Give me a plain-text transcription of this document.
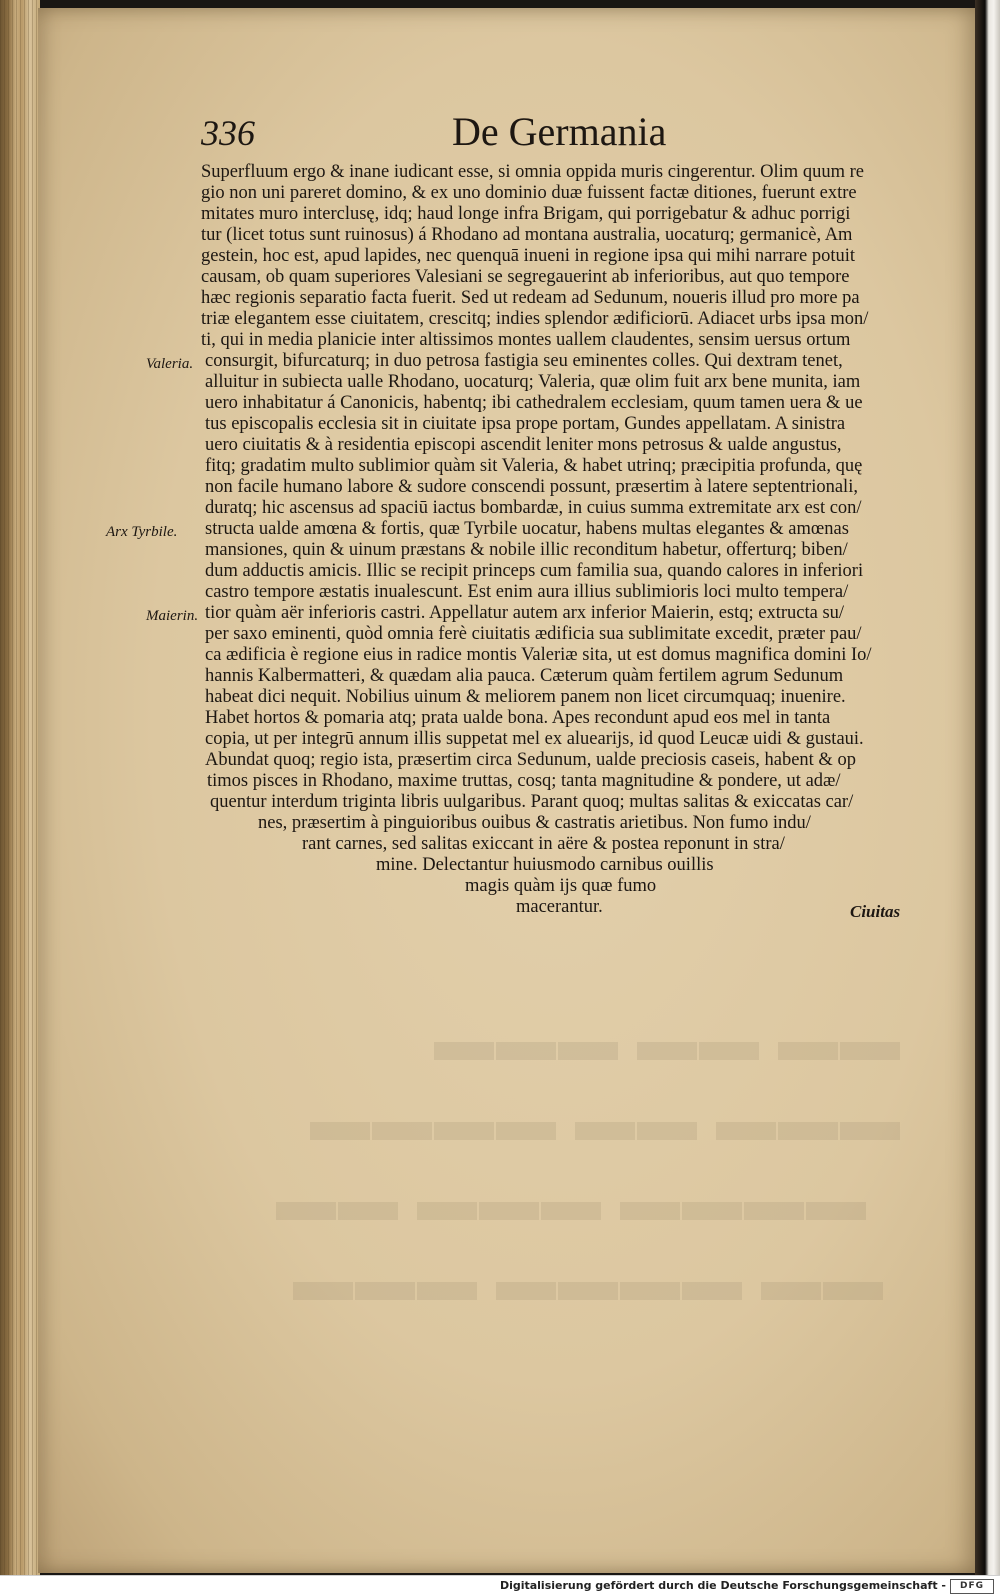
▬▬ ▬▬ ▬▬▬
▬▬▬ ▬▬ ▬▬▬▬
▬▬▬▬ ▬▬▬
▬▬ ▬▬▬▬ ▬▬▬
336	De Germania
Superfluum ergo & inane iudicant esse, si omnia oppida muris cingerentur. Olim quum re
gio non uni pareret domino, & ex uno dominio duæ fuissent factæ ditiones, fuerunt extre
mitates muro interclusę, idq; haud longe infra Brigam, qui porrigebatur & adhuc porrigi
tur (licet totus sunt ruinosus) á Rhodano ad montana australia, uocaturq; germanicè, Am
gestein, hoc est, apud lapides, nec quenquā inueni in regione ipsa qui mihi narrare potuit
causam, ob quam superiores Valesiani se segregauerint ab inferioribus, aut quo tempore
hæc regionis separatio facta fuerit. Sed ut redeam ad Sedunum, noueris illud pro more pa
triæ elegantem esse ciuitatem, crescitq; indies splendor ædificiorū. Adiacet urbs ipsa mon/
ti, qui in media planicie inter altissimos montes uallem claudentes, sensim uersus ortum
consurgit, bifurcaturq; in duo petrosa fastigia seu eminentes colles. Qui dextram tenet,
alluitur in subiecta ualle Rhodano, uocaturq; Valeria, quæ olim fuit arx bene munita, iam
uero inhabitatur á Canonicis, habentq; ibi cathedralem ecclesiam, quum tamen uera & ue
tus episcopalis ecclesia sit in ciuitate ipsa prope portam, Gundes appellatam. A sinistra
uero ciuitatis & à residentia episcopi ascendit leniter mons petrosus & ualde angustus,
fitq; gradatim multo sublimior quàm sit Valeria, & habet utrinq; præcipitia profunda, quę
non facile humano labore & sudore conscendi possunt, præsertim à latere septentrionali,
duratq; hic ascensus ad spaciū iactus bombardæ, in cuius summa extremitate arx est con/
structa ualde amœna & fortis, quæ Tyrbile uocatur, habens multas elegantes & amœnas
mansiones, quin & uinum præstans & nobile illic reconditum habetur, offerturq; biben/
dum adductis amicis. Illic se recipit princeps cum familia sua, quando calores in inferiori
castro tempore æstatis inualescunt. Est enim aura illius sublimioris loci multo tempera/
tior quàm aër inferioris castri. Appellatur autem arx inferior Maierin, estq; extructa su/
per saxo eminenti, quòd omnia ferè ciuitatis ædificia sua sublimitate excedit, præter pau/
ca ædificia è regione eius in radice montis Valeriæ sita, ut est domus magnifica domini Io/
hannis Kalbermatteri, & quædam alia pauca. Cæterum quàm fertilem agrum Sedunum
habeat dici nequit. Nobilius uinum & meliorem panem non licet circumquaq; inuenire.
Habet hortos & pomaria atq; prata ualde bona. Apes recondunt apud eos mel in tanta
copia, ut per integrū annum illis suppetat mel ex aluearijs, id quod Leucæ uidi & gustaui.
Abundat quoq; regio ista, præsertim circa Sedunum, ualde preciosis caseis, habent & op
timos pisces in Rhodano, maxime truttas, cosq; tanta magnitudine & pondere, ut adæ/
quentur interdum triginta libris uulgaribus. Parant quoq; multas salitas & exiccatas car/
nes, præsertim à pinguioribus ouibus & castratis arietibus. Non fumo indu/
rant carnes, sed salitas exiccant in aëre & postea reponunt in stra/
mine. Delectantur huiusmodo carnibus ouillis
magis quàm ijs quæ fumo
macerantur.
Valeria.
Arx Tyrbile.
Maierin.
Ciuitas
Digitalisierung gefördert durch die Deutsche Forschungsgemeinschaft -	DFG
